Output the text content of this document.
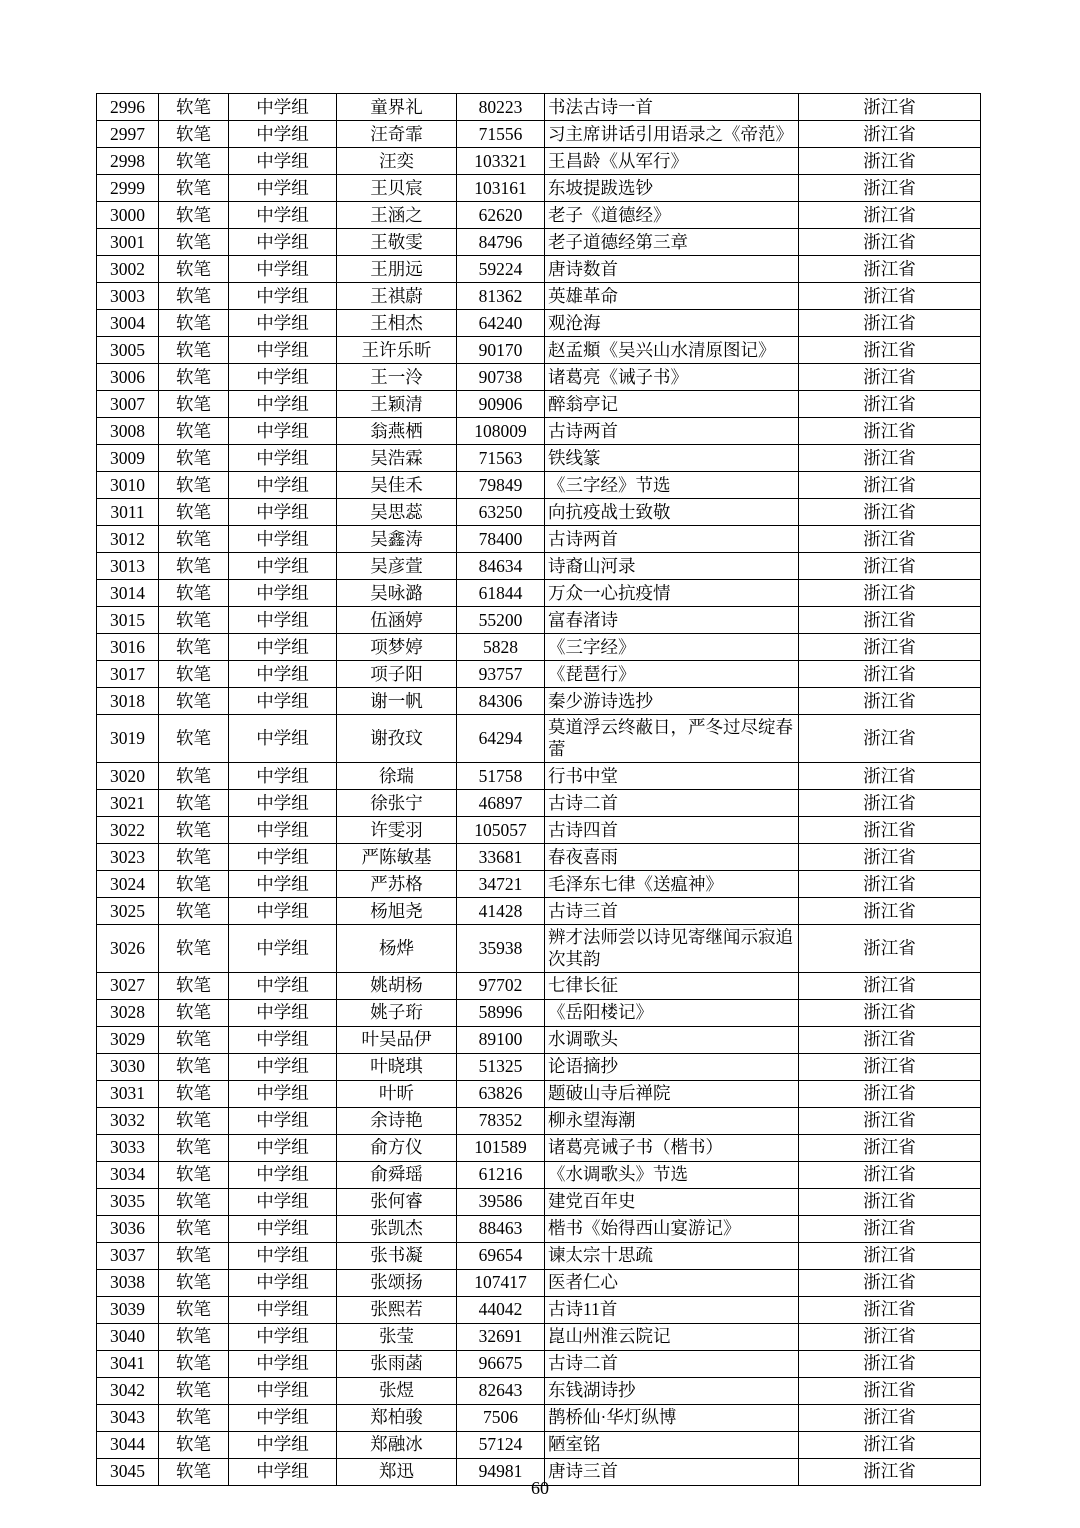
2996	软笔	中学组	童界礼	80223	书法古诗一首	浙江省
2997	软笔	中学组	汪奇霏	71556	习主席讲话引用语录之《帝范》	浙江省
2998	软笔	中学组	汪奕	103321	王昌龄《从军行》	浙江省
2999	软笔	中学组	王贝宸	103161	东坡提跋选钞	浙江省
3000	软笔	中学组	王涵之	62620	老子《道德经》	浙江省
3001	软笔	中学组	王敬雯	84796	老子道德经第三章	浙江省
3002	软笔	中学组	王朋远	59224	唐诗数首	浙江省
3003	软笔	中学组	王祺蔚	81362	英雄革命	浙江省
3004	软笔	中学组	王相杰	64240	观沧海	浙江省
3005	软笔	中学组	王许乐昕	90170	赵孟頫《吴兴山水清原图记》	浙江省
3006	软笔	中学组	王一泠	90738	诸葛亮《诫子书》	浙江省
3007	软笔	中学组	王颖清	90906	醉翁亭记	浙江省
3008	软笔	中学组	翁燕栖	108009	古诗两首	浙江省
3009	软笔	中学组	吴浩霖	71563	铁线篆	浙江省
3010	软笔	中学组	吴佳禾	79849	《三字经》节选	浙江省
3011	软笔	中学组	吴思蕊	63250	向抗疫战士致敬	浙江省
3012	软笔	中学组	吴鑫涛	78400	古诗两首	浙江省
3013	软笔	中学组	吴彦萱	84634	诗裔山河录	浙江省
3014	软笔	中学组	吴咏潞	61844	万众一心抗疫情	浙江省
3015	软笔	中学组	伍涵婷	55200	富春渚诗	浙江省
3016	软笔	中学组	项梦婷	5828	《三字经》	浙江省
3017	软笔	中学组	项子阳	93757	《琵琶行》	浙江省
3018	软笔	中学组	谢一帆	84306	秦少游诗选抄	浙江省
3019	软笔	中学组	谢孜玟	64294	莫道浮云终蔽日，严冬过尽绽春蕾	浙江省
3020	软笔	中学组	徐瑞	51758	行书中堂	浙江省
3021	软笔	中学组	徐张宁	46897	古诗二首	浙江省
3022	软笔	中学组	许雯羽	105057	古诗四首	浙江省
3023	软笔	中学组	严陈敏基	33681	春夜喜雨	浙江省
3024	软笔	中学组	严苏格	34721	毛泽东七律《送瘟神》	浙江省
3025	软笔	中学组	杨旭尧	41428	古诗三首	浙江省
3026	软笔	中学组	杨烨	35938	辨才法师尝以诗见寄继闻示寂追次其韵	浙江省
3027	软笔	中学组	姚胡杨	97702	七律长征	浙江省
3028	软笔	中学组	姚子珩	58996	《岳阳楼记》	浙江省
3029	软笔	中学组	叶吴品伊	89100	水调歌头	浙江省
3030	软笔	中学组	叶晓琪	51325	论语摘抄	浙江省
3031	软笔	中学组	叶昕	63826	题破山寺后禅院	浙江省
3032	软笔	中学组	余诗艳	78352	柳永望海潮	浙江省
3033	软笔	中学组	俞方仪	101589	诸葛亮诫子书（楷书）	浙江省
3034	软笔	中学组	俞舜瑶	61216	《水调歌头》节选	浙江省
3035	软笔	中学组	张何睿	39586	建党百年史	浙江省
3036	软笔	中学组	张凯杰	88463	楷书《始得西山宴游记》	浙江省
3037	软笔	中学组	张书凝	69654	谏太宗十思疏	浙江省
3038	软笔	中学组	张颂扬	107417	医者仁心	浙江省
3039	软笔	中学组	张熙若	44042	古诗11首	浙江省
3040	软笔	中学组	张莹	32691	崑山州淮云院记	浙江省
3041	软笔	中学组	张雨菡	96675	古诗二首	浙江省
3042	软笔	中学组	张煜	82643	东钱湖诗抄	浙江省
3043	软笔	中学组	郑柏骏	7506	鹊桥仙·华灯纵博	浙江省
3044	软笔	中学组	郑融冰	57124	陋室铭	浙江省
3045	软笔	中学组	郑迅	94981	唐诗三首	浙江省
60
